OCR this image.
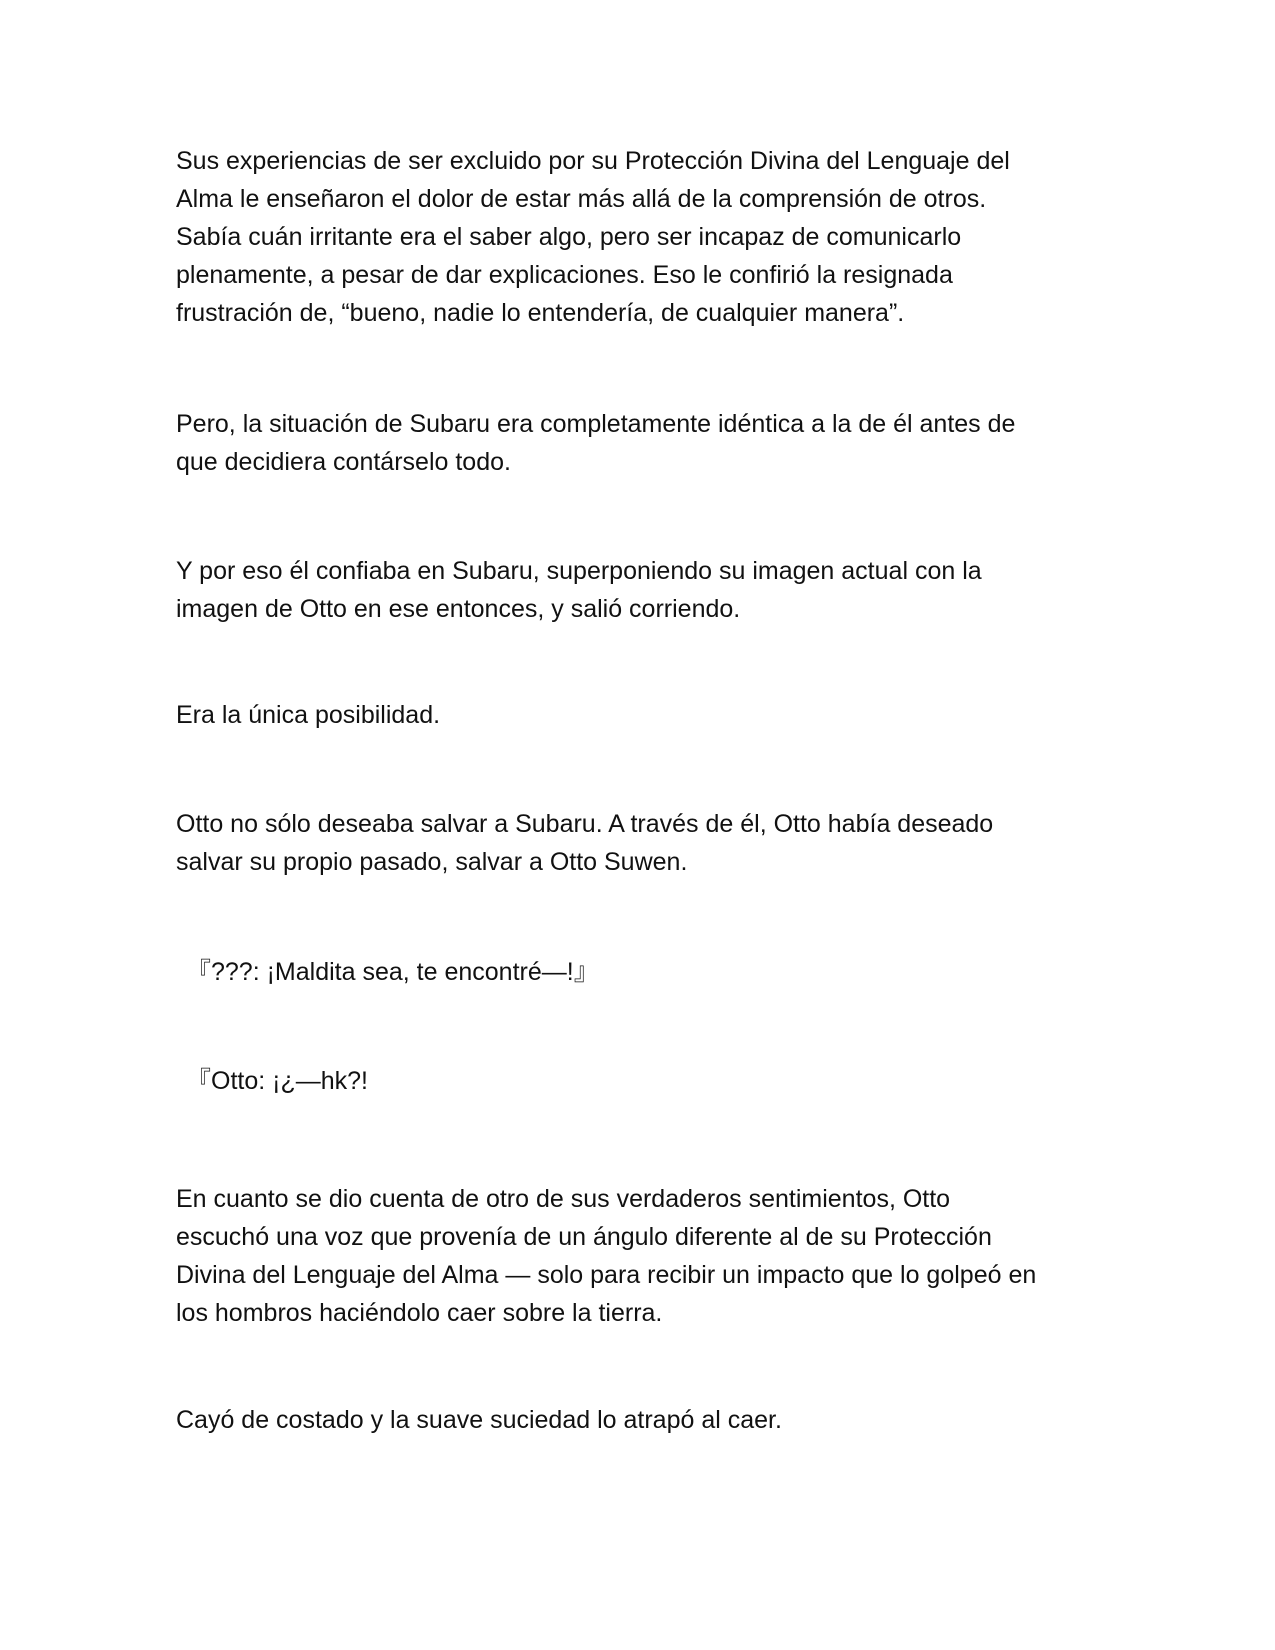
Sus experiencias de ser excluido por su Protección Divina del Lenguaje del
Alma le enseñaron el dolor de estar más allá de la comprensión de otros.
Sabía cuán irritante era el saber algo, pero ser incapaz de comunicarlo
plenamente, a pesar de dar explicaciones. Eso le confirió la resignada
frustración de, “bueno, nadie lo entendería, de cualquier manera”.

Pero, la situación de Subaru era completamente idéntica a la de él antes de
que decidiera contárselo todo.

Y por eso él confiaba en Subaru, superponiendo su imagen actual con la
imagen de Otto en ese entonces, y salió corriendo.

Era la única posibilidad.

Otto no sólo deseaba salvar a Subaru. A través de él, Otto había deseado
salvar su propio pasado, salvar a Otto Suwen.

『???: ¡Maldita sea, te encontré—!』

『Otto: ¡¿—hk?!

En cuanto se dio cuenta de otro de sus verdaderos sentimientos, Otto
escuchó una voz que provenía de un ángulo diferente al de su Protección
Divina del Lenguaje del Alma — solo para recibir un impacto que lo golpeó en
los hombros haciéndolo caer sobre la tierra.

Cayó de costado y la suave suciedad lo atrapó al caer.
